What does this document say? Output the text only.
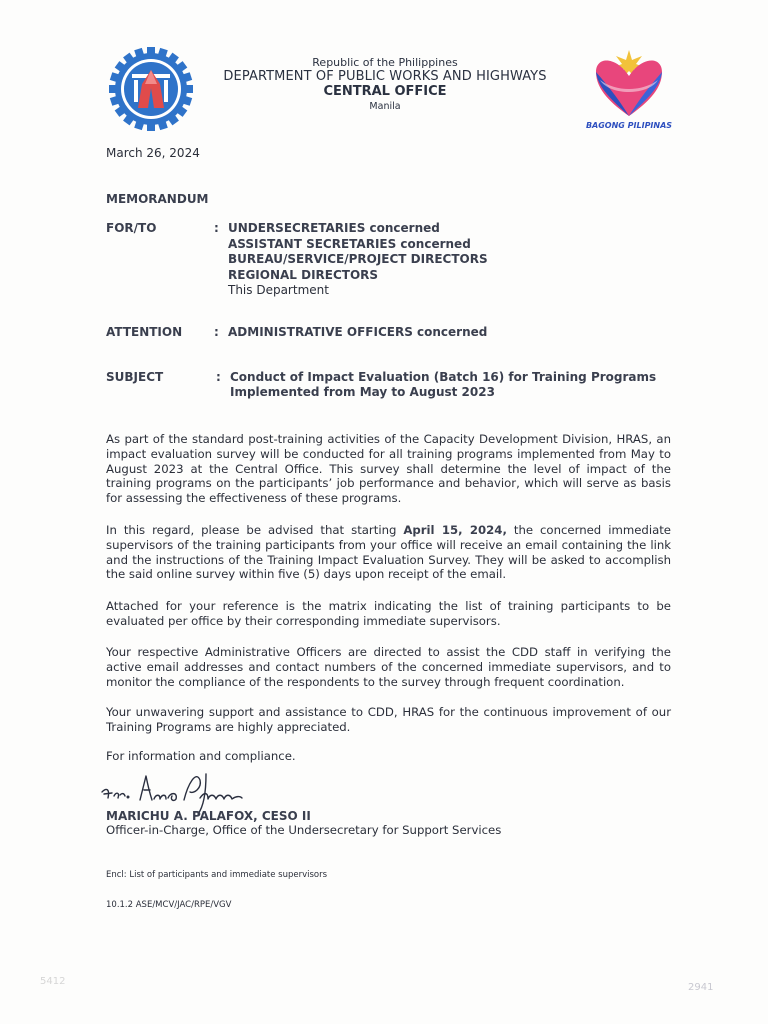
BAGONG PILIPINAS
Republic of the Philippines
DEPARTMENT OF PUBLIC WORKS AND HIGHWAYS
CENTRAL OFFICE
Manila
March 26, 2024
MEMORANDUM
FOR/TO	: UNDERSECRETARIES concerned
ASSISTANT SECRETARIES concerned
BUREAU/SERVICE/PROJECT DIRECTORS
REGIONAL DIRECTORS
This Department
ATTENTION	: ADMINISTRATIVE OFFICERS concerned
SUBJECT	: Conduct of Impact Evaluation (Batch 16) for Training Programs
Implemented from May to August 2023
As part of the standard post-training activities of the Capacity Development Division, HRAS, an impact evaluation survey will be conducted for all training programs implemented from May to August 2023 at the Central Office. This survey shall determine the level of impact of the training programs on the participants’ job performance and behavior, which will serve as basis for assessing the effectiveness of these programs.
In this regard, please be advised that starting April 15, 2024, the concerned immediate supervisors of the training participants from your office will receive an email containing the link and the instructions of the Training Impact Evaluation Survey. They will be asked to accomplish the said online survey within five (5) days upon receipt of the email.
Attached for your reference is the matrix indicating the list of training participants to be evaluated per office by their corresponding immediate supervisors.
Your respective Administrative Officers are directed to assist the CDD staff in verifying the active email addresses and contact numbers of the concerned immediate supervisors, and to monitor the compliance of the respondents to the survey through frequent coordination.
Your unwavering support and assistance to CDD, HRAS for the continuous improvement of our Training Programs are highly appreciated.
For information and compliance.
MARICHU A. PALAFOX, CESO II
Officer-in-Charge, Office of the Undersecretary for Support Services
Encl: List of participants and immediate supervisors
10.1.2 ASE/MCV/JAC/RPE/VGV
5412
2941
